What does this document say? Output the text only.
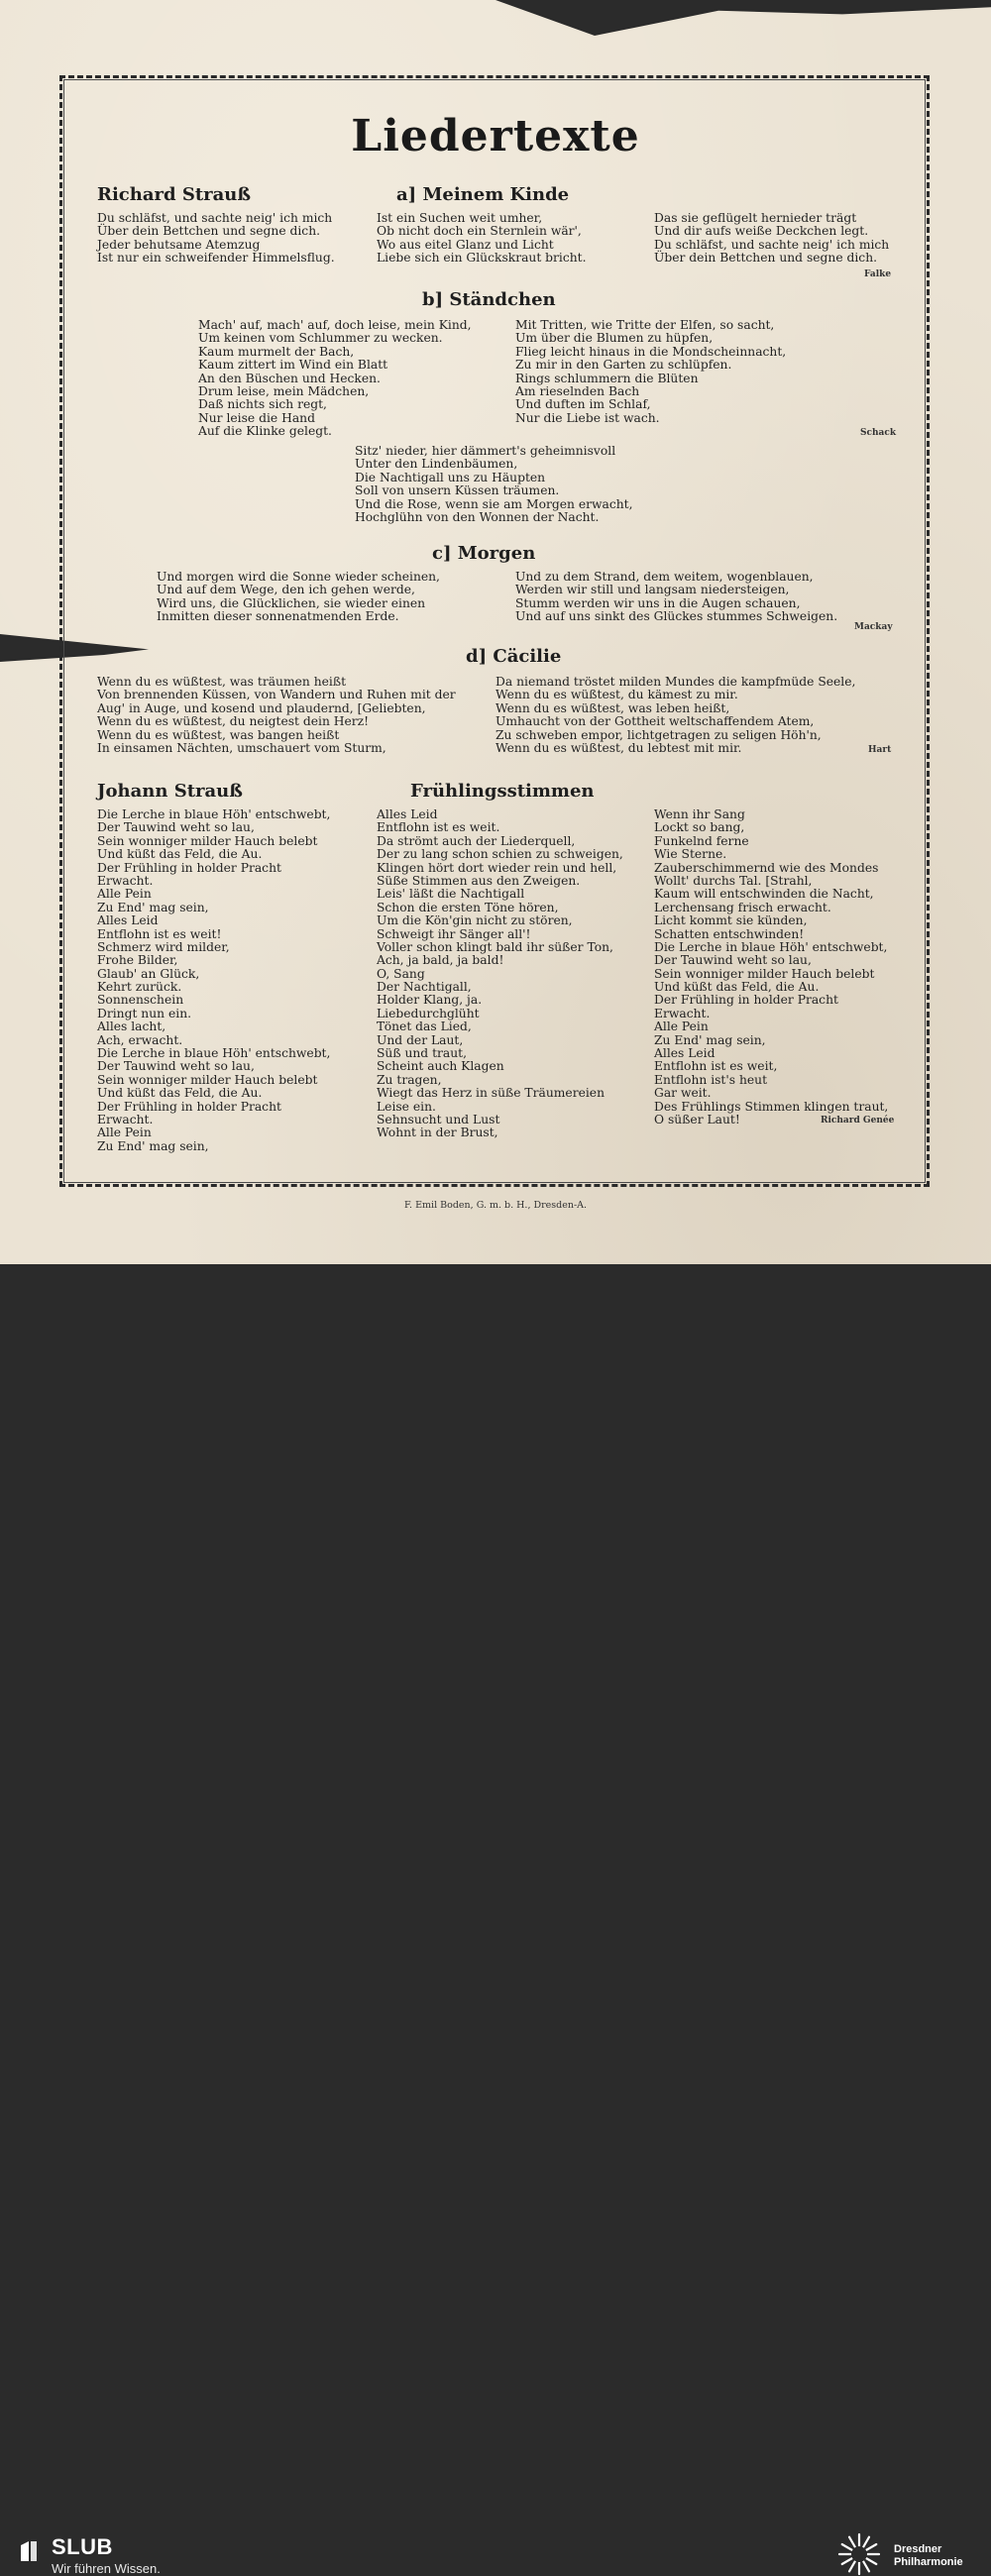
Liedertexte
Richard Strauß	a] Meinem Kinde
Du schläfst, und sachte neig' ich mich
Über dein Bettchen und segne dich.
Jeder behutsame Atemzug
Ist nur ein schweifender Himmelsflug.
Ist ein Suchen weit umher,
Ob nicht doch ein Sternlein wär',
Wo aus eitel Glanz und Licht
Liebe sich ein Glückskraut bricht.
Das sie geflügelt hernieder trägt
Und dir aufs weiße Deckchen legt.
Du schläfst, und sachte neig' ich mich
Über dein Bettchen und segne dich.
Falke
b] Ständchen
Mach' auf, mach' auf, doch leise, mein Kind,
Um keinen vom Schlummer zu wecken.
Kaum murmelt der Bach,
Kaum zittert im Wind ein Blatt
An den Büschen und Hecken.
Drum leise, mein Mädchen,
Daß nichts sich regt,
Nur leise die Hand
Auf die Klinke gelegt.
Mit Tritten, wie Tritte der Elfen, so sacht,
Um über die Blumen zu hüpfen,
Flieg leicht hinaus in die Mondscheinnacht,
Zu mir in den Garten zu schlüpfen.
Rings schlummern die Blüten
Am rieselnden Bach
Und duften im Schlaf,
Nur die Liebe ist wach.
Schack
Sitz' nieder, hier dämmert's geheimnisvoll
Unter den Lindenbäumen,
Die Nachtigall uns zu Häupten
Soll von unsern Küssen träumen.
Und die Rose, wenn sie am Morgen erwacht,
Hochglühn von den Wonnen der Nacht.
c] Morgen
Und morgen wird die Sonne wieder scheinen,
Und auf dem Wege, den ich gehen werde,
Wird uns, die Glücklichen, sie wieder einen
Inmitten dieser sonnenatmenden Erde.
Und zu dem Strand, dem weitem, wogenblauen,
Werden wir still und langsam niedersteigen,
Stumm werden wir uns in die Augen schauen,
Und auf uns sinkt des Glückes stummes Schweigen.
Mackay
d] Cäcilie
Wenn du es wüßtest, was träumen heißt
Von brennenden Küssen, von Wandern und Ruhen mit der
Aug' in Auge, und kosend und plaudernd, [Geliebten,
Wenn du es wüßtest, du neigtest dein Herz!
Wenn du es wüßtest, was bangen heißt
In einsamen Nächten, umschauert vom Sturm,
Da niemand tröstet milden Mundes die kampfmüde Seele,
Wenn du es wüßtest, du kämest zu mir.
Wenn du es wüßtest, was leben heißt,
Umhaucht von der Gottheit weltschaffendem Atem,
Zu schweben empor, lichtgetragen zu seligen Höh'n,
Wenn du es wüßtest, du lebtest mit mir.	Hart
Johann Strauß	Frühlingsstimmen
Die Lerche in blaue Höh' entschwebt,
Der Tauwind weht so lau,
Sein wonniger milder Hauch belebt
Und küßt das Feld, die Au.
Der Frühling in holder Pracht
Erwacht.
Alle Pein
Zu End' mag sein,
Alles Leid
Entflohn ist es weit!
Schmerz wird milder,
Frohe Bilder,
Glaub' an Glück,
Kehrt zurück.
Sonnenschein
Dringt nun ein.
Alles lacht,
Ach, erwacht.
Die Lerche in blaue Höh' entschwebt,
Der Tauwind weht so lau,
Sein wonniger milder Hauch belebt
Und küßt das Feld, die Au.
Der Frühling in holder Pracht
Erwacht.
Alle Pein
Zu End' mag sein,
Alles Leid
Entflohn ist es weit.
Da strömt auch der Liederquell,
Der zu lang schon schien zu schweigen,
Klingen hört dort wieder rein und hell,
Süße Stimmen aus den Zweigen.
Leis' läßt die Nachtigall
Schon die ersten Töne hören,
Um die Kön'gin nicht zu stören,
Schweigt ihr Sänger all'!
Voller schon klingt bald ihr süßer Ton,
Ach, ja bald, ja bald!
O, Sang
Der Nachtigall,
Holder Klang, ja.
Liebedurchglüht
Tönet das Lied,
Und der Laut,
Süß und traut,
Scheint auch Klagen
Zu tragen,
Wiegt das Herz in süße Träumereien
Leise ein.
Sehnsucht und Lust
Wohnt in der Brust,
Wenn ihr Sang
Lockt so bang,
Funkelnd ferne
Wie Sterne.
Zauberschimmernd wie des Mondes
Wollt' durchs Tal. [Strahl,
Kaum will entschwinden die Nacht,
Lerchensang frisch erwacht.
Licht kommt sie künden,
Schatten entschwinden!
Die Lerche in blaue Höh' entschwebt,
Der Tauwind weht so lau,
Sein wonniger milder Hauch belebt
Und küßt das Feld, die Au.
Der Frühling in holder Pracht
Erwacht.
Alle Pein
Zu End' mag sein,
Alles Leid
Entflohn ist es weit,
Entflohn ist's heut
Gar weit.
Des Frühlings Stimmen klingen traut,
O süßer Laut!	Richard Genée
F. Emil Boden, G. m. b. H., Dresden-A.
SLUB
Wir führen Wissen.
Dresdner
Philharmonie
